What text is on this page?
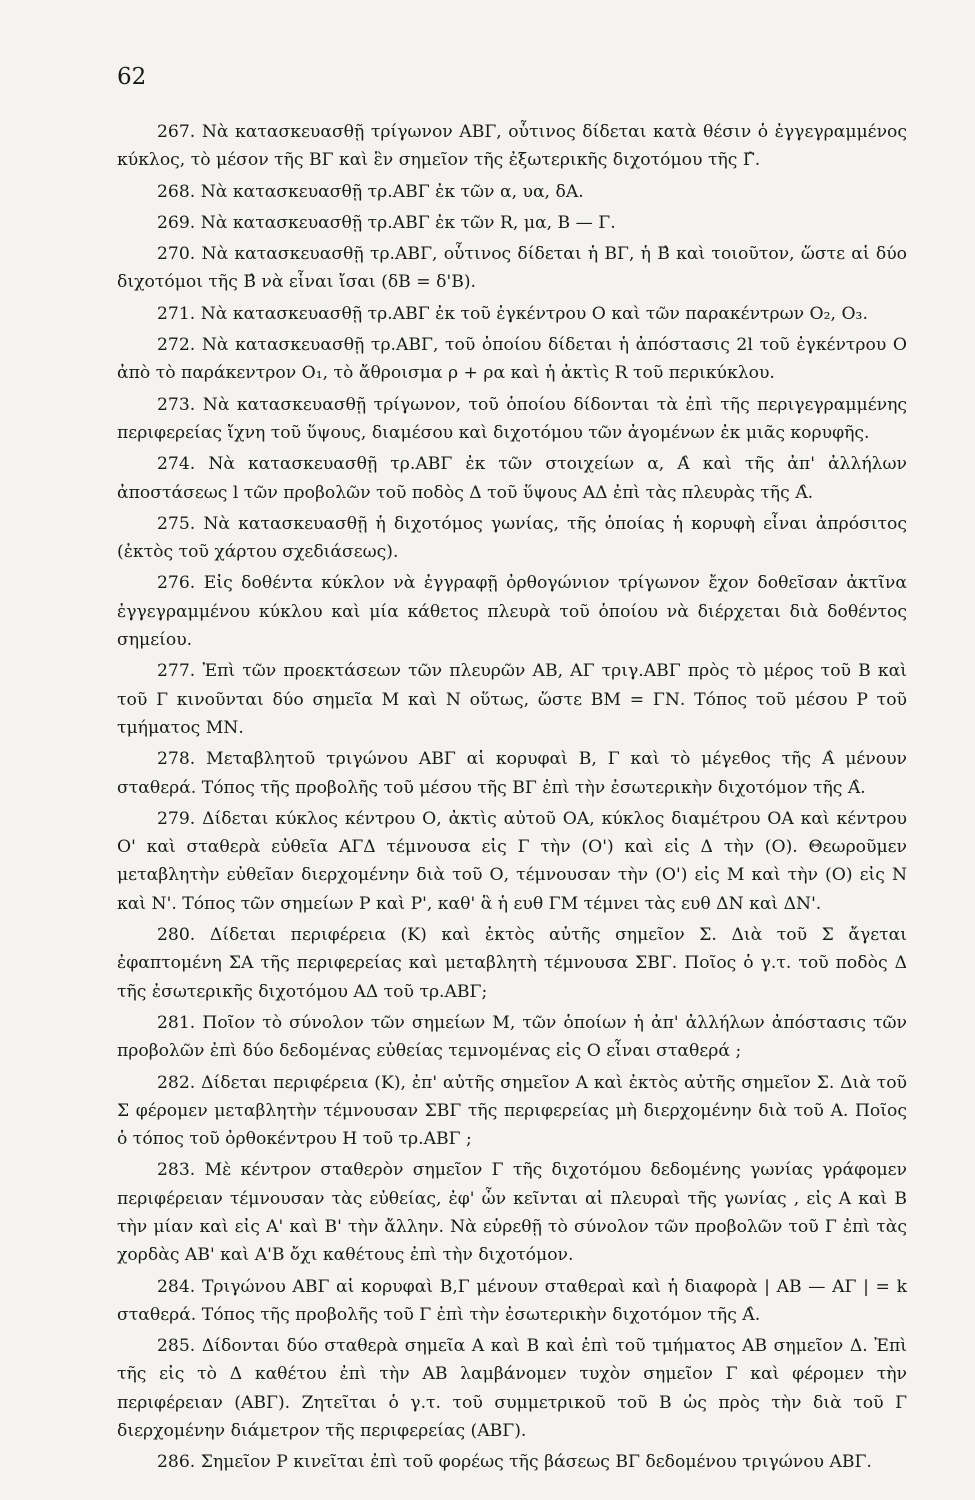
62

267. Νὰ κατασκευασθῇ τρίγωνον ΑΒΓ, οὗτινος δίδεται κατὰ θέσιν ὁ ἐγγεγραμμένος κύκλος, τὸ μέσον τῆς ΒΓ καὶ ἓν σημεῖον τῆς ἐξωτερικῆς διχοτόμου τῆς Γ̂.

268. Νὰ κατασκευασθῇ τρ.ΑΒΓ ἐκ τῶν α, υα, δΑ.

269. Νὰ κατασκευασθῇ τρ.ΑΒΓ ἐκ τῶν R, μα, Β — Γ.

270. Νὰ κατασκευασθῇ τρ.ΑΒΓ, οὗτινος δίδεται ἡ ΒΓ, ἡ Β̂ καὶ τοιοῦτον, ὥστε αἱ δύο διχοτόμοι τῆς Β̂ νὰ εἶναι ἴσαι (δΒ = δ'Β).

271. Νὰ κατασκευασθῇ τρ.ΑΒΓ ἐκ τοῦ ἐγκέντρου Ο καὶ τῶν παρακέντρων Ο₂, Ο₃.

272. Νὰ κατασκευασθῇ τρ.ΑΒΓ, τοῦ ὁποίου δίδεται ἡ ἀπόστασις 2l τοῦ ἐγκέντρου Ο ἀπὸ τὸ παράκεντρον Ο₁, τὸ ἄθροισμα ρ + ρα καὶ ἡ ἀκτὶς R τοῦ περικύκλου.

273. Νὰ κατασκευασθῇ τρίγωνον, τοῦ ὁποίου δίδονται τὰ ἐπὶ τῆς περιγεγραμμένης περιφερείας ἴχνη τοῦ ὕψους, διαμέσου καὶ διχοτόμου τῶν ἀγομένων ἐκ μιᾶς κορυφῆς.

274. Νὰ κατασκευασθῇ τρ.ΑΒΓ ἐκ τῶν στοιχείων α, Α̂ καὶ τῆς ἀπ' ἀλλήλων ἀποστάσεως l τῶν προβολῶν τοῦ ποδὸς Δ τοῦ ὕψους ΑΔ ἐπὶ τὰς πλευρὰς τῆς Α̂.

275. Νὰ κατασκευασθῇ ἡ διχοτόμος γωνίας, τῆς ὁποίας ἡ κορυφὴ εἶναι ἀπρόσιτος (ἐκτὸς τοῦ χάρτου σχεδιάσεως).

276. Εἰς δοθέντα κύκλον νὰ ἐγγραφῇ ὀρθογώνιον τρίγωνον ἔχον δοθεῖσαν ἀκτῖνα ἐγγεγραμμένου κύκλου καὶ μία κάθετος πλευρὰ τοῦ ὁποίου νὰ διέρχεται διὰ δοθέντος σημείου.

277. Ἐπὶ τῶν προεκτάσεων τῶν πλευρῶν ΑΒ, ΑΓ τριγ.ΑΒΓ πρὸς τὸ μέρος τοῦ Β καὶ τοῦ Γ κινοῦνται δύο σημεῖα Μ καὶ Ν οὕτως, ὥστε ΒΜ = ΓΝ. Τόπος τοῦ μέσου Ρ τοῦ τμήματος ΜΝ.

278. Μεταβλητοῦ τριγώνου ΑΒΓ αἱ κορυφαὶ Β, Γ καὶ τὸ μέγεθος τῆς Α̂ μένουν σταθερά. Τόπος τῆς προβολῆς τοῦ μέσου τῆς ΒΓ ἐπὶ τὴν ἐσωτερικὴν διχοτόμον τῆς Α̂.

279. Δίδεται κύκλος κέντρου Ο, ἀκτὶς αὐτοῦ ΟΑ, κύκλος διαμέτρου ΟΑ καὶ κέντρου Ο' καὶ σταθερὰ εὐθεῖα ΑΓΔ τέμνουσα εἰς Γ τὴν (Ο') καὶ εἰς Δ τὴν (Ο). Θεωροῦμεν μεταβλητὴν εὐθεῖαν διερχομένην διὰ τοῦ Ο, τέμνουσαν τὴν (Ο') εἰς Μ καὶ τὴν (Ο) εἰς Ν καὶ Ν'. Τόπος τῶν σημείων Ρ καὶ Ρ', καθ' ἃ ἡ ευθ ΓΜ τέμνει τὰς ευθ ΔΝ καὶ ΔΝ'.

280. Δίδεται περιφέρεια (Κ) καὶ ἐκτὸς αὐτῆς σημεῖον Σ. Διὰ τοῦ Σ ἄγεται ἐφαπτομένη ΣΑ τῆς περιφερείας καὶ μεταβλητὴ τέμνουσα ΣΒΓ. Ποῖος ὁ γ.τ. τοῦ ποδὸς Δ τῆς ἐσωτερικῆς διχοτόμου ΑΔ τοῦ τρ.ΑΒΓ;

281. Ποῖον τὸ σύνολον τῶν σημείων Μ, τῶν ὁποίων ἡ ἀπ' ἀλλήλων ἀπόστασις τῶν προβολῶν ἐπὶ δύο δεδομένας εὐθείας τεμνομένας εἰς Ο εἶναι σταθερά ;

282. Δίδεται περιφέρεια (Κ), ἐπ' αὐτῆς σημεῖον Α καὶ ἐκτὸς αὐτῆς σημεῖον Σ. Διὰ τοῦ Σ φέρομεν μεταβλητὴν τέμνουσαν ΣΒΓ τῆς περιφερείας μὴ διερχομένην διὰ τοῦ Α. Ποῖος ὁ τόπος τοῦ ὀρθοκέντρου Η τοῦ τρ.ΑΒΓ ;

283. Μὲ κέντρον σταθερὸν σημεῖον Γ τῆς διχοτόμου δεδομένης γωνίας γράφομεν περιφέρειαν τέμνουσαν τὰς εὐθείας, ἐφ' ὧν κεῖνται αἱ πλευραὶ τῆς γωνίας , εἰς Α καὶ Β τὴν μίαν καὶ εἰς Α' καὶ Β' τὴν ἄλλην. Νὰ εὑρεθῇ τὸ σύνολον τῶν προβολῶν τοῦ Γ ἐπὶ τὰς χορδὰς ΑΒ' καὶ Α'Β ὄχι καθέτους ἐπὶ τὴν διχοτόμον.

284. Τριγώνου ΑΒΓ αἱ κορυφαὶ Β,Γ μένουν σταθεραὶ καὶ ἡ διαφορὰ | ΑΒ — ΑΓ | = k σταθερά. Τόπος τῆς προβολῆς τοῦ Γ ἐπὶ τὴν ἐσωτερικὴν διχοτόμον τῆς Α̂.

285. Δίδονται δύο σταθερὰ σημεῖα Α καὶ Β καὶ ἐπὶ τοῦ τμήματος ΑΒ σημεῖον Δ. Ἐπὶ τῆς εἰς τὸ Δ καθέτου ἐπὶ τὴν ΑΒ λαμβάνομεν τυχὸν σημεῖον Γ καὶ φέρομεν τὴν περιφέρειαν (ΑΒΓ). Ζητεῖται ὁ γ.τ. τοῦ συμμετρικοῦ τοῦ Β ὡς πρὸς τὴν διὰ τοῦ Γ διερχομένην διάμετρον τῆς περιφερείας (ΑΒΓ).

286. Σημεῖον Ρ κινεῖται ἐπὶ τοῦ φορέως τῆς βάσεως ΒΓ δεδομένου τριγώνου ΑΒΓ.
